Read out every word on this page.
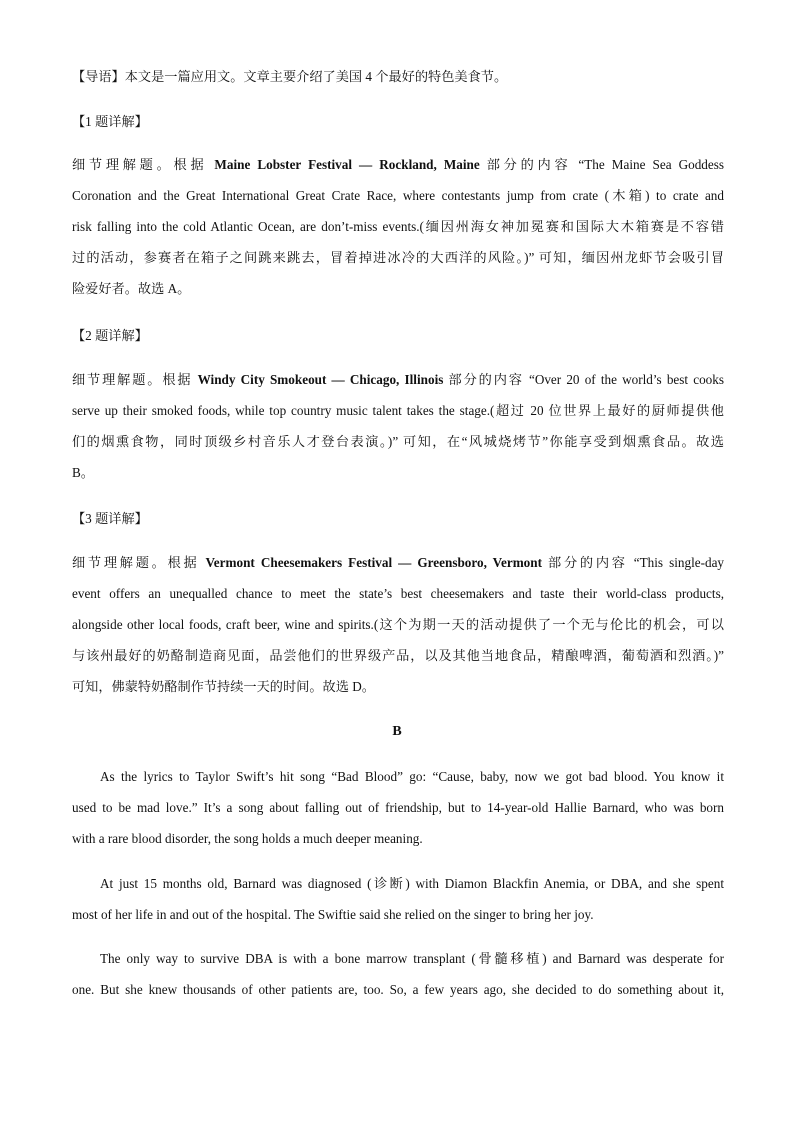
【导语】本文是一篇应用文。文章主要介绍了美国 4 个最好的特色美食节。

【1 题详解】

细节理解题。根据 Maine Lobster Festival — Rockland, Maine 部分的内容 “The Maine Sea Goddess
Coronation and the Great International Great Crate Race, where contestants jump from crate (木箱) to crate and
risk falling into the cold Atlantic Ocean, are don’t-miss events.(缅因州海女神加冕赛和国际大木箱赛是不容错
过的活动，参赛者在箱子之间跳来跳去，冒着掉进冰冷的大西洋的风险。)” 可知，缅因州龙虾节会吸引冒
险爱好者。故选 A。

【2 题详解】

细节理解题。根据 Windy City Smokeout — Chicago, Illinois 部分的内容 “Over 20 of the world’s best cooks
serve up their smoked foods, while top country music talent takes the stage.(超过 20 位世界上最好的厨师提供他
们的烟熏食物，同时顶级乡村音乐人才登台表演。)” 可知，在“风城烧烤节”你能享受到烟熏食品。故选
B。

【3 题详解】

细节理解题。根据 Vermont Cheesemakers Festival — Greensboro, Vermont 部分的内容 “This single-day
event offers an unequalled chance to meet the state’s best cheesemakers and taste their world-class products,
alongside other local foods, craft beer, wine and spirits.(这个为期一天的活动提供了一个无与伦比的机会，可以
与该州最好的奶酪制造商见面，品尝他们的世界级产品，以及其他当地食品，精酿啤酒，葡萄酒和烈酒。)”
可知，佛蒙特奶酪制作节持续一天的时间。故选 D。
B
As the lyrics to Taylor Swift’s hit song “Bad Blood” go: “Cause, baby, now we got bad blood. You know it
used to be mad love.” It’s a song about falling out of friendship, but to 14-year-old Hallie Barnard, who was born
with a rare blood disorder, the song holds a much deeper meaning.
At just 15 months old, Barnard was diagnosed (诊断) with Diamon Blackfin Anemia, or DBA, and she spent
most of her life in and out of the hospital. The Swiftie said she relied on the singer to bring her joy.
The only way to survive DBA is with a bone marrow transplant (骨髓移植) and Barnard was desperate for
one. But she knew thousands of other patients are, too. So, a few years ago, she decided to do something about it,
